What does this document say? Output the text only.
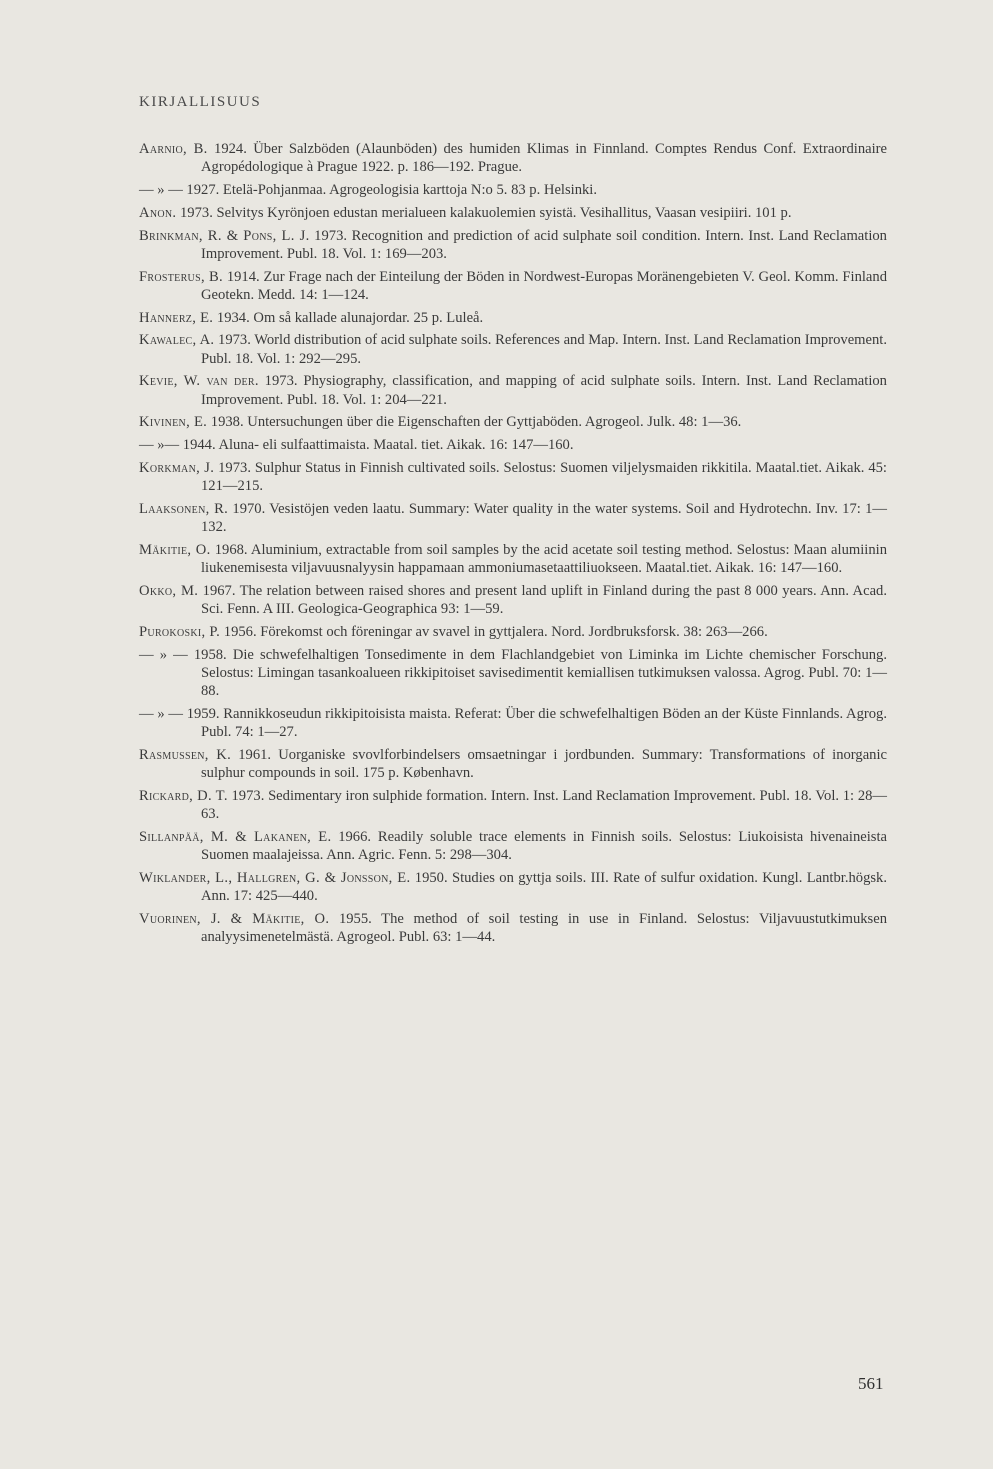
KIRJALLISUUS
Aarnio, B. 1924. Über Salzböden (Alaunböden) des humiden Klimas in Finnland. Comptes Rendus Conf. Extraordinaire Agropédologique à Prague 1922. p. 186—192. Prague.
— » — 1927. Etelä-Pohjanmaa. Agrogeologisia karttoja N:o 5. 83 p. Helsinki.
Anon. 1973. Selvitys Kyrönjoen edustan merialueen kalakuolemien syistä. Vesihallitus, Vaasan vesipiiri. 101 p.
Brinkman, R. & Pons, L. J. 1973. Recognition and prediction of acid sulphate soil condition. Intern. Inst. Land Reclamation Improvement. Publ. 18. Vol. 1: 169—203.
Frosterus, B. 1914. Zur Frage nach der Einteilung der Böden in Nordwest-Europas Moränengebieten V. Geol. Komm. Finland Geotekn. Medd. 14: 1—124.
Hannerz, E. 1934. Om så kallade alunajordar. 25 p. Luleå.
Kawalec, A. 1973. World distribution of acid sulphate soils. References and Map. Intern. Inst. Land Reclamation Improvement. Publ. 18. Vol. 1: 292—295.
Kevie, W. van der. 1973. Physiography, classification, and mapping of acid sulphate soils. Intern. Inst. Land Reclamation Improvement. Publ. 18. Vol. 1: 204—221.
Kivinen, E. 1938. Untersuchungen über die Eigenschaften der Gyttjaböden. Agrogeol. Julk. 48: 1—36.
— »— 1944. Aluna- eli sulfaattimaista. Maatal. tiet. Aikak. 16: 147—160.
Korkman, J. 1973. Sulphur Status in Finnish cultivated soils. Selostus: Suomen viljelysmaiden rikkitila. Maatal.tiet. Aikak. 45: 121—215.
Laaksonen, R. 1970. Vesistöjen veden laatu. Summary: Water quality in the water systems. Soil and Hydrotechn. Inv. 17: 1—132.
Mäkitie, O. 1968. Aluminium, extractable from soil samples by the acid acetate soil testing method. Selostus: Maan alumiinin liukenemisesta viljavuusnalyysin happamaan ammoniumasetaattiliuokseen. Maatal.tiet. Aikak. 16: 147—160.
Okko, M. 1967. The relation between raised shores and present land uplift in Finland during the past 8 000 years. Ann. Acad. Sci. Fenn. A III. Geologica-Geographica 93: 1—59.
Purokoski, P. 1956. Förekomst och föreningar av svavel in gyttjalera. Nord. Jordbruksforsk. 38: 263—266.
— » — 1958. Die schwefelhaltigen Tonsedimente in dem Flachlandgebiet von Liminka im Lichte chemischer Forschung. Selostus: Limingan tasankoalueen rikkipitoiset savisedimentit kemiallisen tutkimuksen valossa. Agrog. Publ. 70: 1—88.
— » — 1959. Rannikkoseudun rikkipitoisista maista. Referat: Über die schwefelhaltigen Böden an der Küste Finnlands. Agrog. Publ. 74: 1—27.
Rasmussen, K. 1961. Uorganiske svovlforbindelsers omsaetningar i jordbunden. Summary: Transformations of inorganic sulphur compounds in soil. 175 p. København.
Rickard, D. T. 1973. Sedimentary iron sulphide formation. Intern. Inst. Land Reclamation Improvement. Publ. 18. Vol. 1: 28—63.
Sillanpää, M. & Lakanen, E. 1966. Readily soluble trace elements in Finnish soils. Selostus: Liukoisista hivenaineista Suomen maalajeissa. Ann. Agric. Fenn. 5: 298—304.
Wiklander, L., Hallgren, G. & Jonsson, E. 1950. Studies on gyttja soils. III. Rate of sulfur oxidation. Kungl. Lantbr.högsk. Ann. 17: 425—440.
Vuorinen, J. & Mäkitie, O. 1955. The method of soil testing in use in Finland. Selostus: Viljavuustutkimuksen analyysimenetelmästä. Agrogeol. Publ. 63: 1—44.
561
